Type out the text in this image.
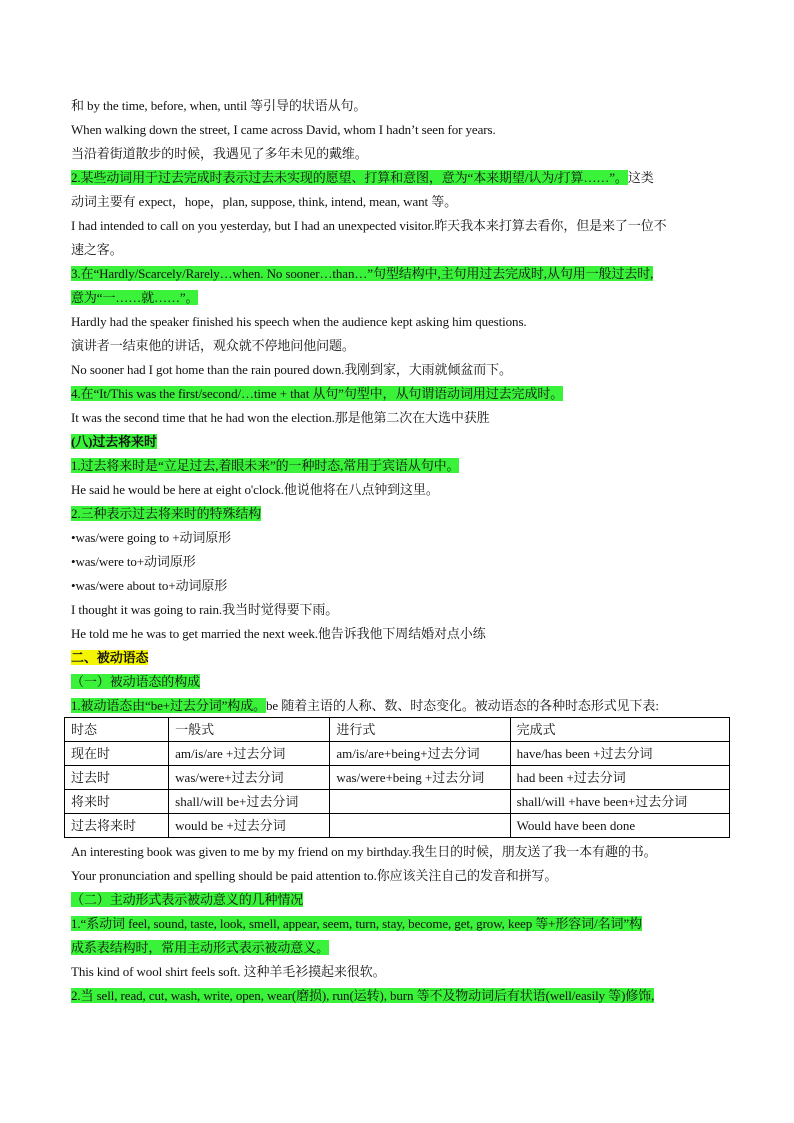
和 by the time, before, when, until 等引导的状语从句。
When walking down the street, I came across David, whom I hadn’t seen for years.
当沿着街道散步的时候，我遇见了多年未见的戴维。
2.某些动词用于过去完成时表示过去未实现的愿望、打算和意图，意为“本来期望/认为/打算……”。这类
动词主要有 expect，hope，plan, suppose, think, intend, mean, want 等。
I had intended to call on you yesterday, but I had an unexpected visitor.昨天我本来打算去看你，但是来了一位不
速之客。
3.在“Hardly/Scarcely/Rarely…when. No sooner…than…”句型结构中,主句用过去完成时,从句用一般过去时,
意为“一……就……”。
Hardly had the speaker finished his speech when the audience kept asking him questions.
演讲者一结束他的讲话，观众就不停地问他问题。
No sooner had I got home than the rain poured down.我刚到家，大雨就倾盆而下。
4.在“It/This was the first/second/…time + that 从句”句型中，从句谓语动词用过去完成时。
It was the second time that he had won the election.那是他第二次在大选中获胜
(八)过去将来时
1.过去将来时是“立足过去,着眼未来”的一种时态,常用于宾语从句中。
He said he would be here at eight o'clock.他说他将在八点钟到这里。
2.三种表示过去将来时的特殊结构
•was/were going to +动词原形
•was/were to+动词原形
•was/were about to+动词原形
I thought it was going to rain.我当时觉得要下雨。
He told me he was to get married the next week.他告诉我他下周结婚对点小练
二、被动语态
（一）被动语态的构成
1.被动语态由“be+过去分词”构成。be 随着主语的人称、数、时态变化。被动语态的各种时态形式见下表:
时态	一般式	进行式	完成式
现在时	am/is/are +过去分词	am/is/are+being+过去分词	have/has been +过去分词
过去时	was/were+过去分词	was/were+being +过去分词	had been +过去分词
将来时	shall/will be+过去分词		shall/will +have been+过去分词
过去将来时	would be +过去分词		Would have been done
An interesting book was given to me by my friend on my birthday.我生日的时候，朋友送了我一本有趣的书。
Your pronunciation and spelling should be paid attention to.你应该关注自己的发音和拼写。
（二）主动形式表示被动意义的几种情况
1.“系动词 feel, sound, taste, look, smell, appear, seem, turn, stay, become, get, grow, keep 等+形容词/名词”构
成系表结构时，常用主动形式表示被动意义。
This kind of wool shirt feels soft. 这种羊毛衫摸起来很软。
2.当 sell, read, cut, wash, write, open, wear(磨损), run(运转), burn 等不及物动词后有状语(well/easily 等)修饰,
